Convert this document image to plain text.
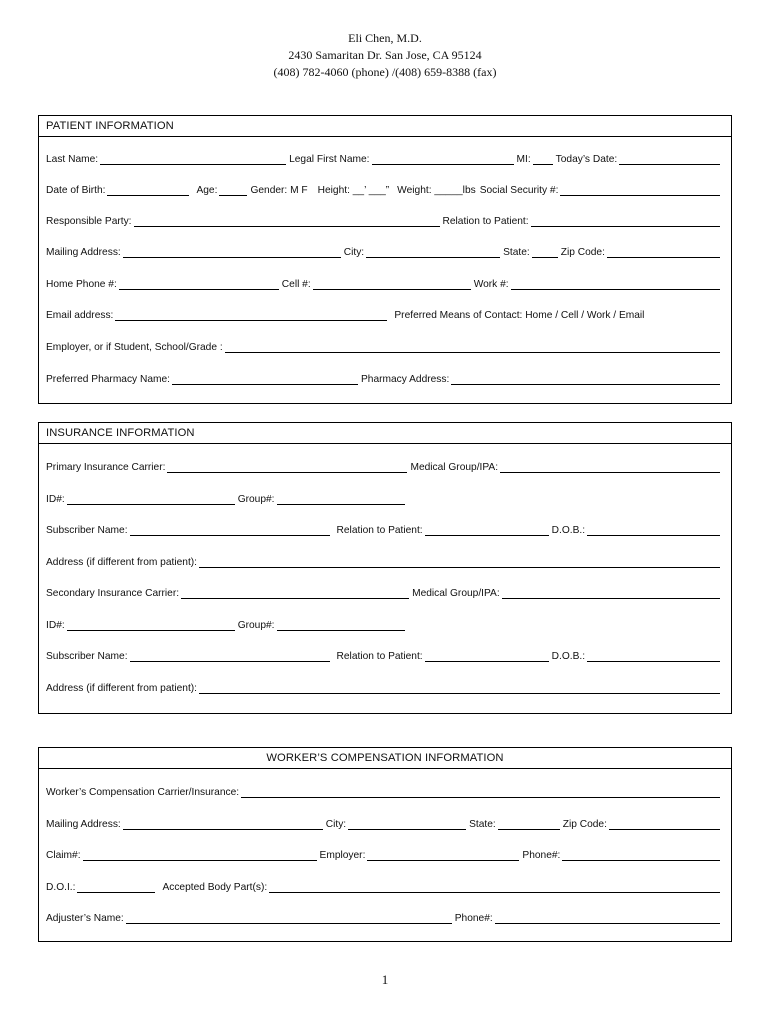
Eli Chen, M.D.
2430 Samaritan Dr. San Jose, CA 95124
(408) 782-4060 (phone) /(408) 659-8388 (fax)
PATIENT INFORMATION
Last Name:	Legal First Name:	MI: Today’s Date:
Date of Birth:	Age:	Gender: M F Height: __’ ___” Weight: _____lbs Social Security #:
Responsible Party:	Relation to Patient:
Mailing Address:	City:	State:	Zip Code:
Home Phone #:	Cell #:	Work #:
Email address:	Preferred Means of Contact: Home / Cell / Work / Email
Employer, or if Student, School/Grade :
Preferred Pharmacy Name:	Pharmacy Address:
INSURANCE INFORMATION
Primary Insurance Carrier:	Medical Group/IPA:
ID#:	Group#:
Subscriber Name:	Relation to Patient:	D.O.B.:
Address (if different from patient):
Secondary Insurance Carrier:	Medical Group/IPA:
ID#:	Group#:
Subscriber Name:	Relation to Patient:	D.O.B.:
Address (if different from patient):
WORKER’S COMPENSATION INFORMATION
Worker’s Compensation Carrier/Insurance:
Mailing Address:	City:	State:	Zip Code:
Claim#:	Employer:	Phone#:
D.O.I.:	Accepted Body Part(s):
Adjuster’s Name:	Phone#:
1
